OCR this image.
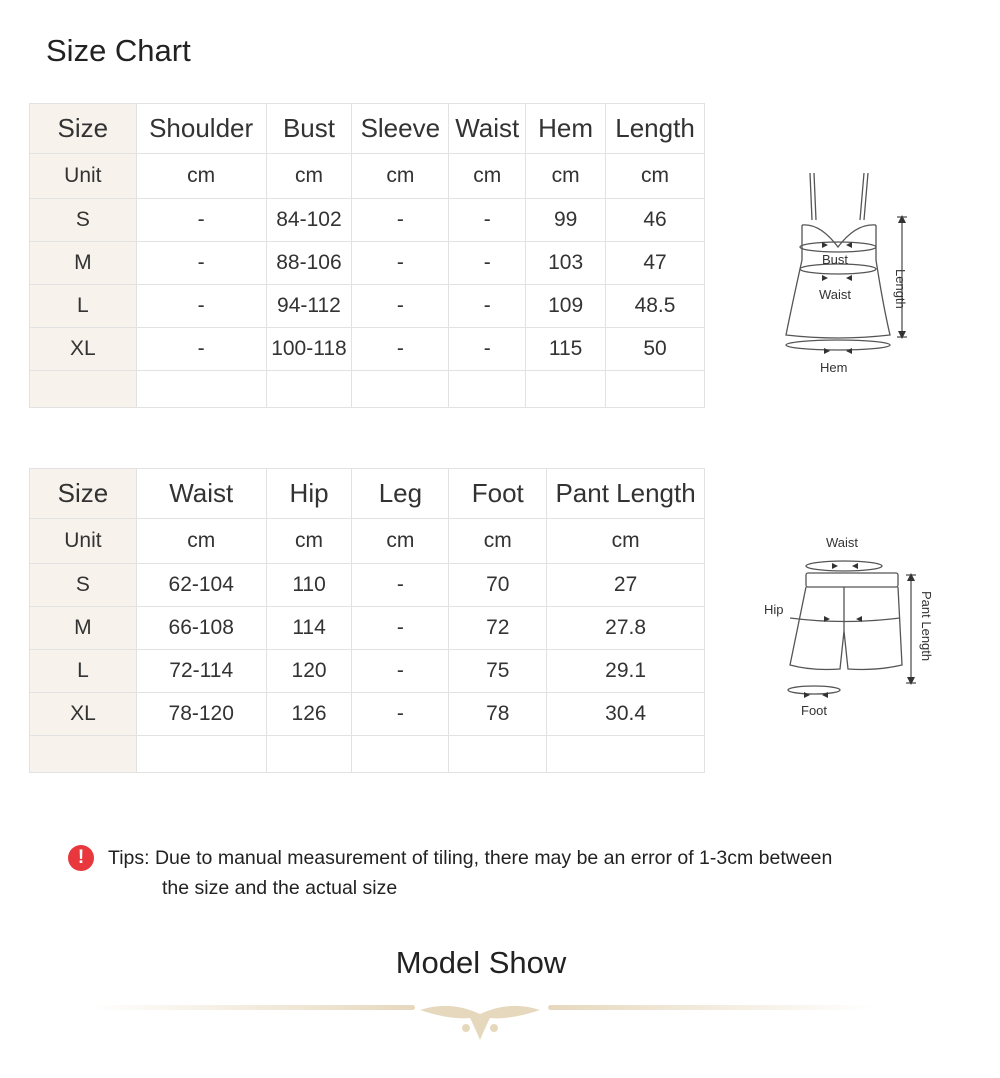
Size Chart
Size	Shoulder	Bust	Sleeve	Waist	Hem	Length
Unit	cm	cm	cm	cm	cm	cm
S	-	84-102	-	-	99	46
M	-	88-106	-	-	103	47
L	-	94-112	-	-	109	48.5
XL	-	100-118	-	-	115	50

Bust
Waist
Hem
Length
Size	Waist	Hip	Leg	Foot	Pant Length
Unit	cm	cm	cm	cm	cm
S	62-104	110	-	70	27
M	66-108	114	-	72	27.8
L	72-114	120	-	75	29.1
XL	78-120	126	-	78	30.4

Waist
Hip
Foot
Pant Length
!	Tips: Due to manual measurement of tiling, there may be an error of 1-3cm between
the size and the actual size
Model Show
